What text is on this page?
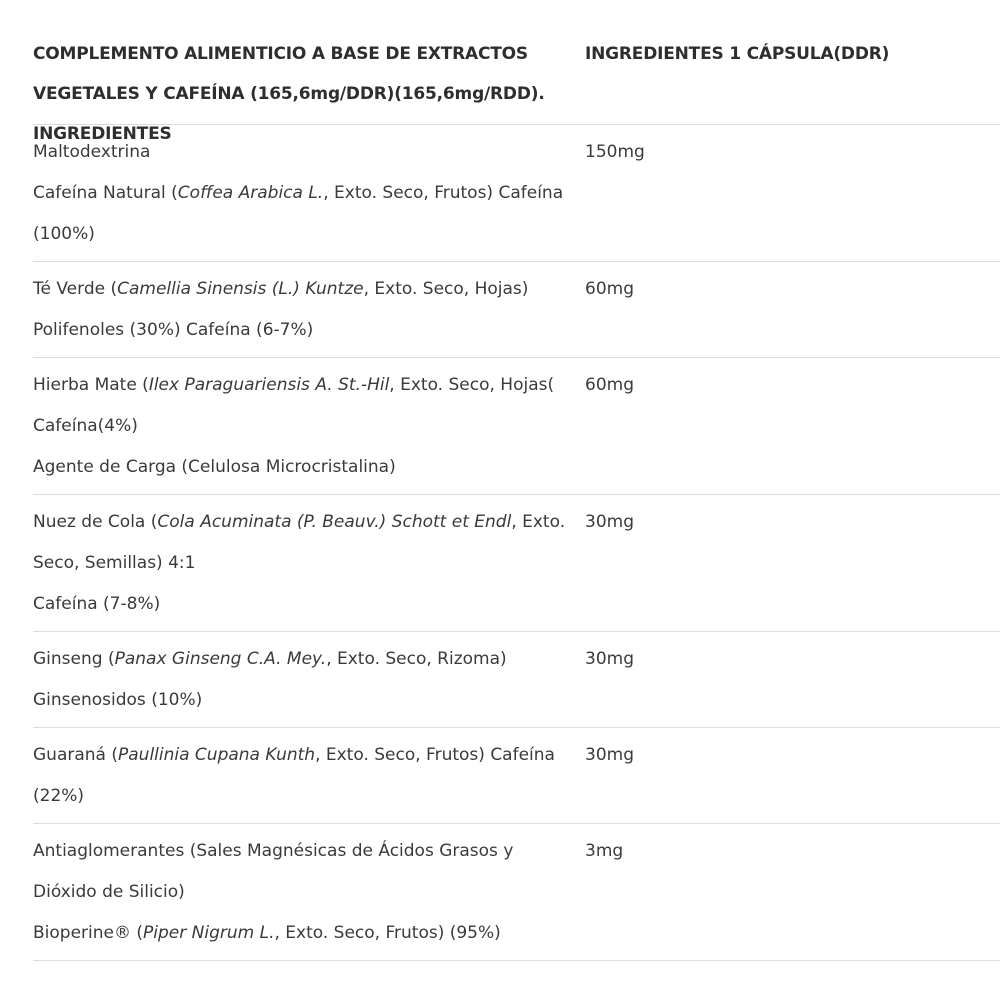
COMPLEMENTO ALIMENTICIO A BASE DE EXTRACTOS
VEGETALES Y CAFEÍNA (165,6mg/DDR)(165,6mg/RDD).
INGREDIENTES
INGREDIENTES 1 CÁPSULA(DDR)
Maltodextrina
Cafeína Natural (Coffea Arabica L., Exto. Seco, Frutos) Cafeína
(100%)
150mg
Té Verde (Camellia Sinensis (L.) Kuntze, Exto. Seco, Hojas)
Polifenoles (30%) Cafeína (6-7%)
60mg
Hierba Mate (Ilex Paraguariensis A. St.-Hil, Exto. Seco, Hojas(
Cafeína(4%)
Agente de Carga (Celulosa Microcristalina)
60mg
Nuez de Cola (Cola Acuminata (P. Beauv.) Schott et Endl, Exto.
Seco, Semillas) 4:1
Cafeína (7-8%)
30mg
Ginseng (Panax Ginseng C.A. Mey., Exto. Seco, Rizoma)
Ginsenosidos (10%)
30mg
Guaraná (Paullinia Cupana Kunth, Exto. Seco, Frutos) Cafeína
(22%)
30mg
Antiaglomerantes (Sales Magnésicas de Ácidos Grasos y
Dióxido de Silicio)
Bioperine® (Piper Nigrum L., Exto. Seco, Frutos) (95%)
3mg
